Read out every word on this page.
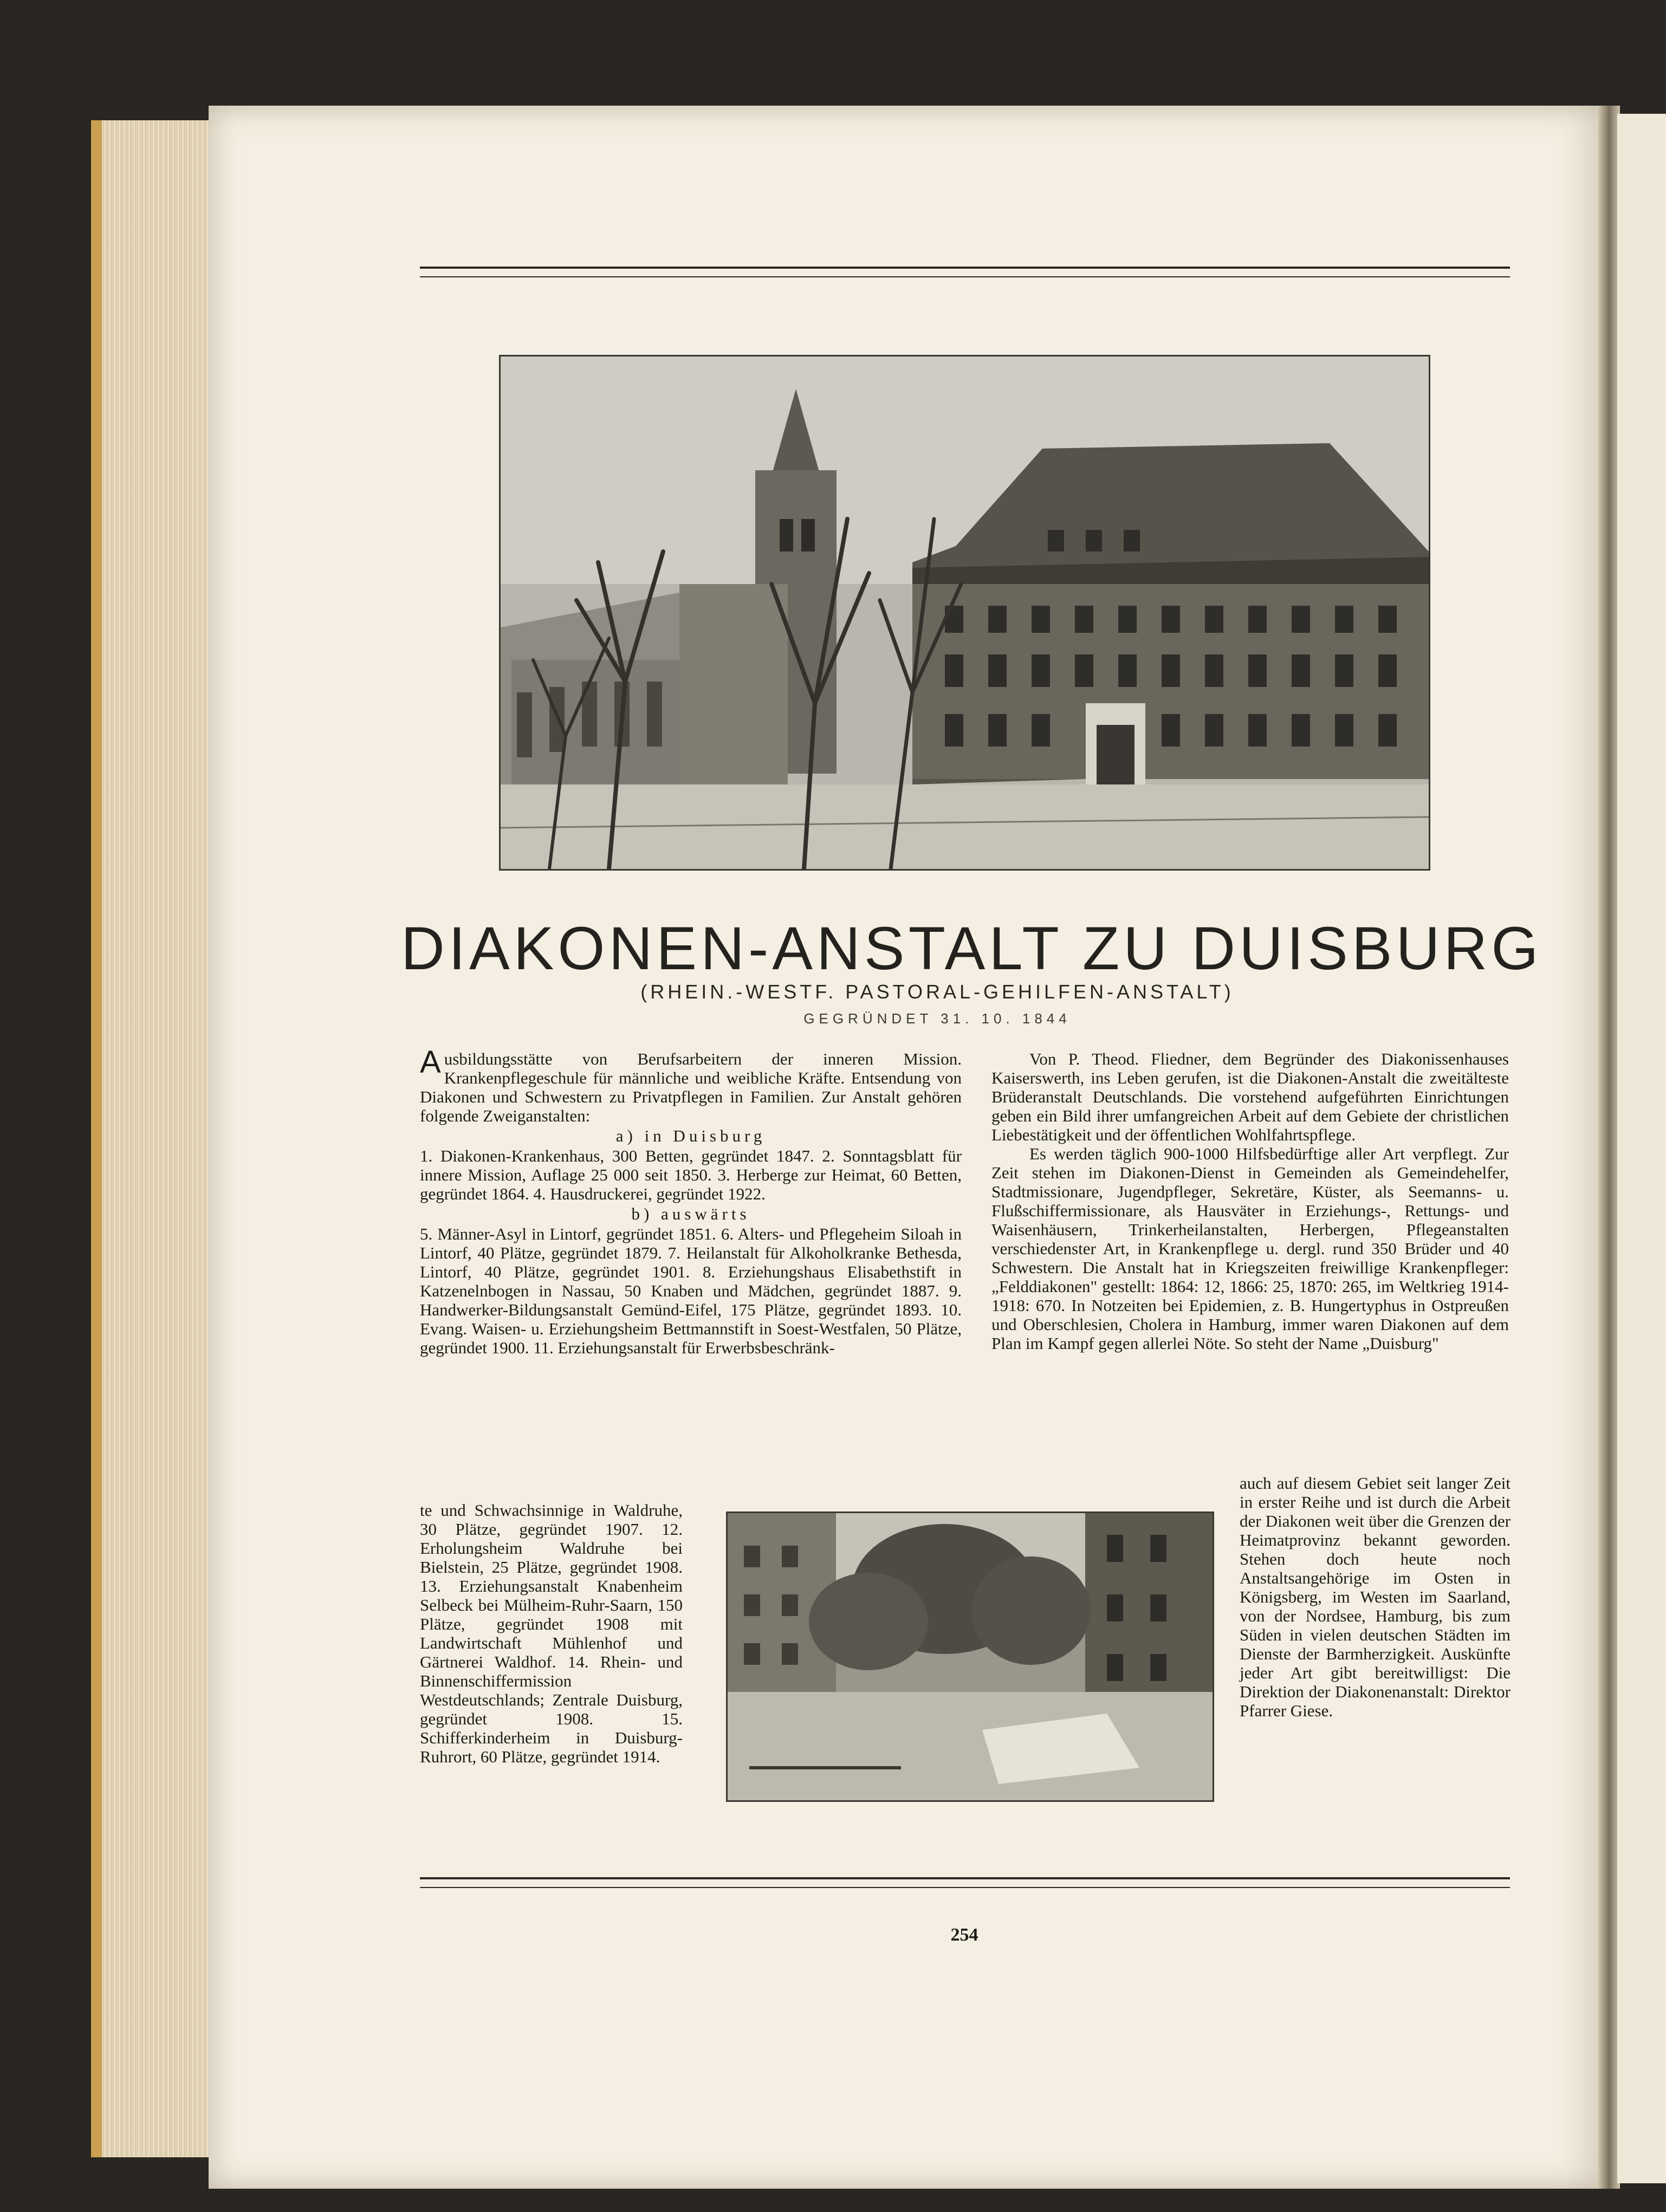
DIAKONEN-ANSTALT ZU DUISBURG
(RHEIN.-WESTF. PASTORAL-GEHILFEN-ANSTALT)
GEGRÜNDET 31. 10. 1844

Ausbildungsstätte von Berufsarbeitern der inneren Mission. Krankenpflegeschule für männliche und weibliche Kräfte. Entsendung von Diakonen und Schwestern zu Privatpflegen in Familien. Zur Anstalt gehören folgende Zweiganstalten:

a) in Duisburg

1. Diakonen-Krankenhaus, 300 Betten, gegründet 1847. 2. Sonntagsblatt für innere Mission, Auflage 25 000 seit 1850. 3. Herberge zur Heimat, 60 Betten, gegründet 1864. 4. Hausdruckerei, gegründet 1922.

b) auswärts

5. Männer-Asyl in Lintorf, gegründet 1851. 6. Alters- und Pflegeheim Siloah in Lintorf, 40 Plätze, gegründet 1879. 7. Heilanstalt für Alkoholkranke Bethesda, Lintorf, 40 Plätze, gegründet 1901. 8. Erziehungshaus Elisabethstift in Katzenelnbogen in Nassau, 50 Knaben und Mädchen, gegründet 1887. 9. Handwerker-Bildungsanstalt Gemünd-Eifel, 175 Plätze, gegründet 1893. 10. Evang. Waisen- u. Erziehungsheim Bettmannstift in Soest-Westfalen, 50 Plätze, gegründet 1900. 11. Erziehungsanstalt für Erwerbsbeschränk-

te und Schwachsinnige in Waldruhe, 30 Plätze, gegründet 1907. 12. Erholungsheim Waldruhe bei Bielstein, 25 Plätze, gegründet 1908. 13. Erziehungsanstalt Knabenheim Selbeck bei Mülheim-Ruhr-Saarn, 150 Plätze, gegründet 1908 mit Landwirtschaft Mühlenhof und Gärtnerei Waldhof. 14. Rhein- und Binnenschiffermission Westdeutschlands; Zentrale Duisburg, gegründet 1908. 15. Schifferkinderheim in Duisburg-Ruhrort, 60 Plätze, gegründet 1914.

Von P. Theod. Fliedner, dem Begründer des Diakonissenhauses Kaiserswerth, ins Leben gerufen, ist die Diakonen-Anstalt die zweitälteste Brüderanstalt Deutschlands. Die vorstehend aufgeführten Einrichtungen geben ein Bild ihrer umfangreichen Arbeit auf dem Gebiete der christlichen Liebestätigkeit und der öffentlichen Wohlfahrtspflege.

Es werden täglich 900-1000 Hilfsbedürftige aller Art verpflegt. Zur Zeit stehen im Diakonen-Dienst in Gemeinden als Gemeindehelfer, Stadtmissionare, Jugendpfleger, Sekretäre, Küster, als Seemanns- u. Flußschiffermissionare, als Hausväter in Erziehungs-, Rettungs- und Waisenhäusern, Trinkerheilanstalten, Herbergen, Pflegeanstalten verschiedenster Art, in Krankenpflege u. dergl. rund 350 Brüder und 40 Schwestern. Die Anstalt hat in Kriegszeiten freiwillige Krankenpfleger: „Felddiakonen" gestellt: 1864: 12, 1866: 25, 1870: 265, im Weltkrieg 1914-1918: 670. In Notzeiten bei Epidemien, z. B. Hungertyphus in Ostpreußen und Oberschlesien, Cholera in Hamburg, immer waren Diakonen auf dem Plan im Kampf gegen allerlei Nöte. So steht der Name „Duisburg"

auch auf diesem Gebiet seit langer Zeit in erster Reihe und ist durch die Arbeit der Diakonen weit über die Grenzen der Heimatprovinz bekannt geworden. Stehen doch heute noch Anstaltsangehörige im Osten in Königsberg, im Westen im Saarland, von der Nordsee, Hamburg, bis zum Süden in vielen deutschen Städten im Dienste der Barmherzigkeit. Auskünfte jeder Art gibt bereitwilligst: Die Direktion der Diakonenanstalt: Direktor Pfarrer Giese.

254
